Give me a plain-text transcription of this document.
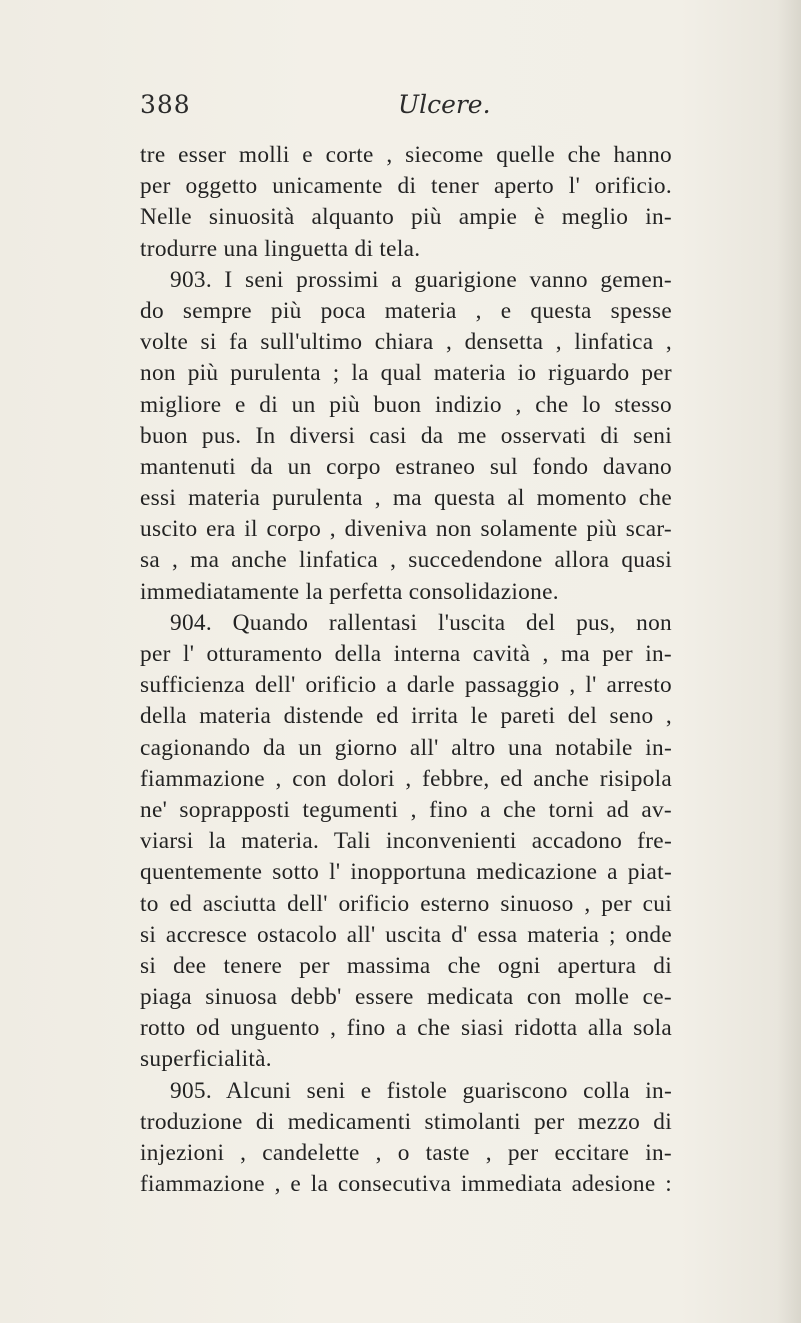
388	Ulcere.
tre esser molli e corte , siecome quelle che hanno
per oggetto unicamente di tener aperto l' orificio.
Nelle sinuosità alquanto più ampie è meglio in-
trodurre una linguetta di tela.
903. I seni prossimi a guarigione vanno gemen-
do sempre più poca materia , e questa spesse
volte si fa sull'ultimo chiara , densetta , linfatica ,
non più purulenta ; la qual materia io riguardo per
migliore e di un più buon indizio , che lo stesso
buon pus. In diversi casi da me osservati di seni
mantenuti da un corpo estraneo sul fondo davano
essi materia purulenta , ma questa al momento che
uscito era il corpo , diveniva non solamente più scar-
sa , ma anche linfatica , succedendone allora quasi
immediatamente la perfetta consolidazione.
904. Quando rallentasi l'uscita del pus, non
per l' otturamento della interna cavità , ma per in-
sufficienza dell' orificio a darle passaggio , l' arresto
della materia distende ed irrita le pareti del seno ,
cagionando da un giorno all' altro una notabile in-
fiammazione , con dolori , febbre, ed anche risipola
ne' soprapposti tegumenti , fino a che torni ad av-
viarsi la materia. Tali inconvenienti accadono fre-
quentemente sotto l' inopportuna medicazione a piat-
to ed asciutta dell' orificio esterno sinuoso , per cui
si accresce ostacolo all' uscita d' essa materia ; onde
si dee tenere per massima che ogni apertura di
piaga sinuosa debb' essere medicata con molle ce-
rotto od unguento , fino a che siasi ridotta alla sola
superficialità.
905. Alcuni seni e fistole guariscono colla in-
troduzione di medicamenti stimolanti per mezzo di
injezioni , candelette , o taste , per eccitare in-
fiammazione , e la consecutiva immediata adesione :
